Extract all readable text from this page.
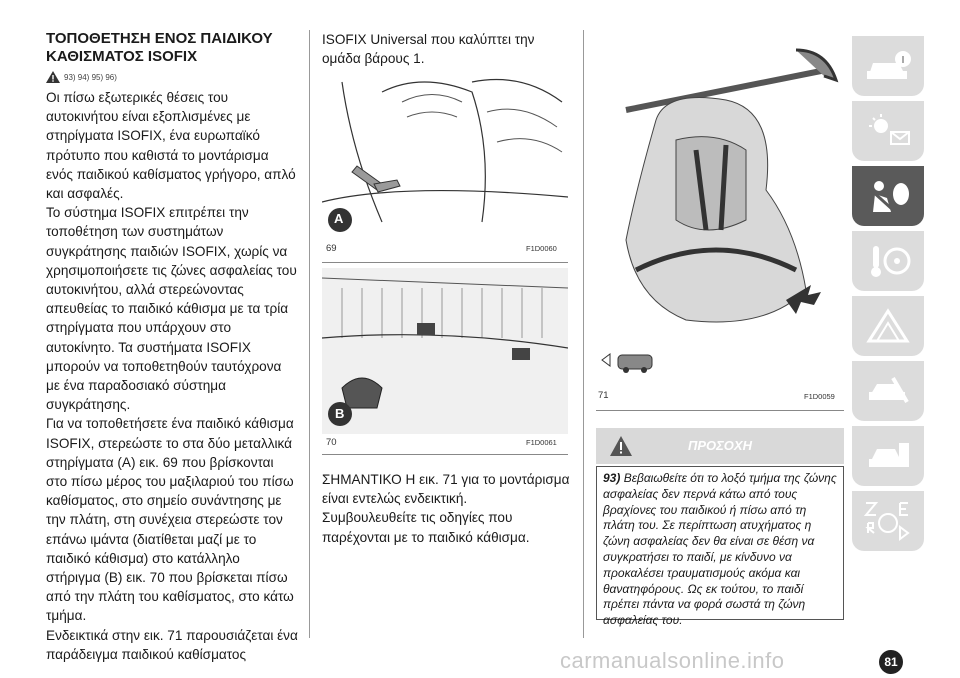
ΤΟΠΟΘΕΤΗΣΗ ΕΝΟΣ ΠΑΙΔΙΚΟΥ

ΚΑΘΙΣΜΑΤΟΣ ISOFIX

93) 94) 95) 96)

Οι πίσω εξωτερικές θέσεις του αυτοκινήτου είναι εξοπλισμένες με στηρίγματα ISOFIX, ένα ευρωπαϊκό πρότυπο που καθιστά το μοντάρισμα ενός παιδικού καθίσματος γρήγορο, απλό και ασφαλές.

Το σύστημα ISOFIX επιτρέπει την τοποθέτηση των συστημάτων συγκράτησης παιδιών ISOFIX, χωρίς να χρησιμοποιήσετε τις ζώνες ασφαλείας του αυτοκινήτου, αλλά στερεώνοντας απευθείας το παιδικό κάθισμα με τα τρία στηρίγματα που υπάρχουν στο αυτοκίνητο. Τα συστήματα ISOFIX μπορούν να τοποθετηθούν ταυτόχρονα με ένα παραδοσιακό σύστημα συγκράτησης.

Για να τοποθετήσετε ένα παιδικό κάθισμα ISOFIX, στερεώστε το στα δύο μεταλλικά στηρίγματα (A) εικ. 69 που βρίσκονται στο πίσω μέρος του μαξιλαριού του πίσω καθίσματος, στο σημείο συνάντησης με την πλάτη, στη συνέχεια στερεώστε τον επάνω ιμάντα (διατίθεται μαζί με το παιδικό κάθισμα) στο κατάλληλο στήριγμα (B) εικ. 70 που βρίσκεται πίσω από την πλάτη του καθίσματος, στο κάτω τμήμα.

Ενδεικτικά στην εικ. 71 παρουσιάζεται ένα παράδειγμα παιδικού καθίσματος

ISOFIX Universal που καλύπτει την ομάδα βάρους 1.

69	F1D0060
A
70	F1D0061
B

ΣΗΜΑΝΤΙΚΟ Η εικ. 71 για το μοντάρισμα είναι εντελώς ενδεικτική.

Συμβουλευθείτε τις οδηγίες που παρέχονται με το παιδικό κάθισμα.

71	F1D0059
ΠΡΟΣΟΧΗ
93) Βεβαιωθείτε ότι το λοξό τμήμα της ζώνης ασφαλείας δεν περνά κάτω από τους βραχίονες του παιδικού ή πίσω από τη πλάτη του. Σε περίπτωση ατυχήματος η ζώνη ασφαλείας δεν θα είναι σε θέση να συγκρατήσει το παιδί, με κίνδυνο να προκαλέσει τραυματισμούς ακόμα και θανατηφόρους. Ως εκ τούτου, το παιδί πρέπει πάντα να φορά σωστά τη ζώνη ασφαλείας του.
81
carmanualsonline.info
